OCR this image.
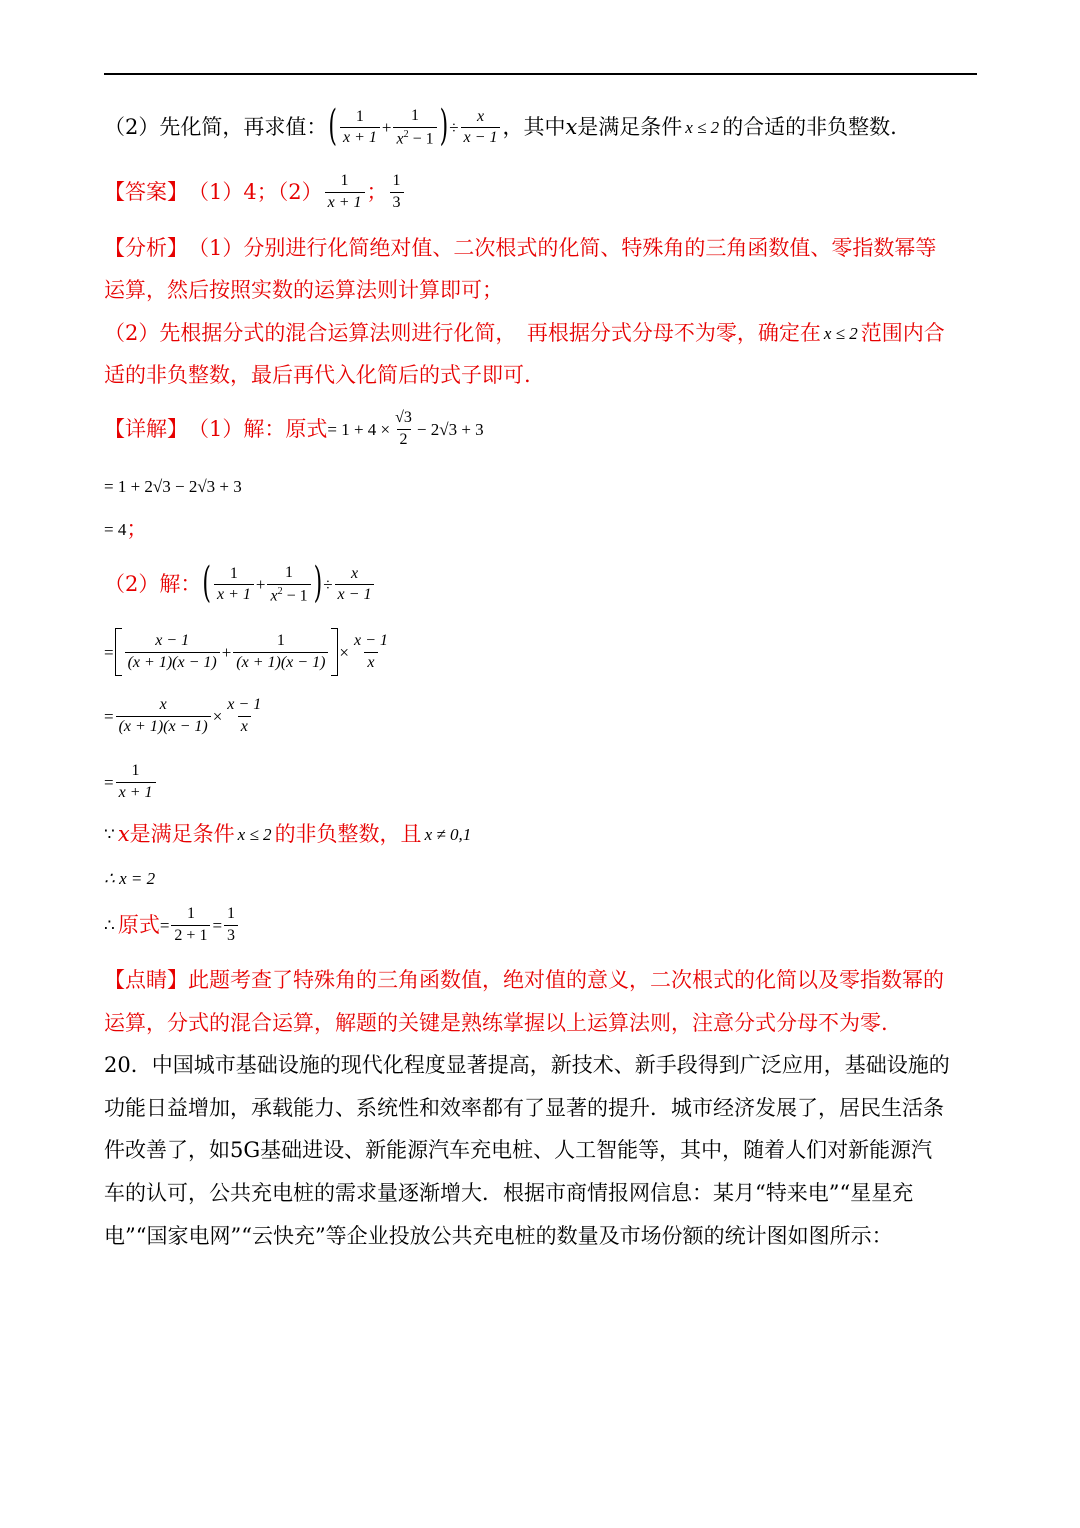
（2）先化简，再求值： ( $\frac{1}{x + 1} + \frac{1}{x^2 - 1}$ ) ÷ $\frac{x}{x - 1}$ ，其中 x 是满足条件 x ≤ 2 的合适的非负整数.
【答案】 （1）4；$(2) \frac{1}{x + 1}$ ； $\frac{1}{3}$
【分析】 （1）分别进行化简绝对值、二次根式的化简、特殊角的三角函数值、零指数幂等
运算，然后按照实数的运算法则计算即可；
（2）先根据分式的混合运算法则进行化简，　再根据分式分母不为零，确定在 x ≤ 2 范围内合
适的非负整数，最后再代入化简后的式子即可.
【详解】 （1）解：原式 = $1 + 4 \times \frac{√3}{2} - 2√3 + 3$
= 1 + 2√3 − 2√3 + 3
= 4 ；
（2）解： ( $\frac{1}{x + 1} + \frac{1}{x^2 - 1}$ ) ÷ $\frac{x}{x - 1}$
= $\frac{x - 1}{(x + 1)(x - 1)} + \frac{1}{(x + 1)(x - 1)} \times \frac{x - 1}{x}$
= $\frac{x}{(x + 1)(x - 1)} \times \frac{x - 1}{x}$
= $\frac{1}{x + 1}$
∵ x 是满足条件 x ≤ 2 的非负整数，且 x ≠ 0,1
∴ x = 2
∴ 原式 = $\frac{1}{2 + 1} = \frac{1}{3}$
【点睛】 此题考查了特殊角的三角函数值，绝对值的意义，二次根式的化简以及零指数幂的
运算，分式的混合运算，解题的关键是熟练掌握以上运算法则，注意分式分母不为零.
20．中国城市基础设施的现代化程度显著提高，新技术、新手段得到广泛应用，基础设施的
功能日益增加，承载能力、系统性和效率都有了显著的提升．城市经济发展了，居民生活条
件改善了，如5G基础进设、新能源汽车充电桩、人工智能等，其中，随着人们对新能源汽
车的认可，公共充电桩的需求量逐渐增大．根据市商情报网信息：某月“特来电”“星星充
电”“国家电网”“云快充”等企业投放公共充电桩的数量及市场份额的统计图如图所示：
